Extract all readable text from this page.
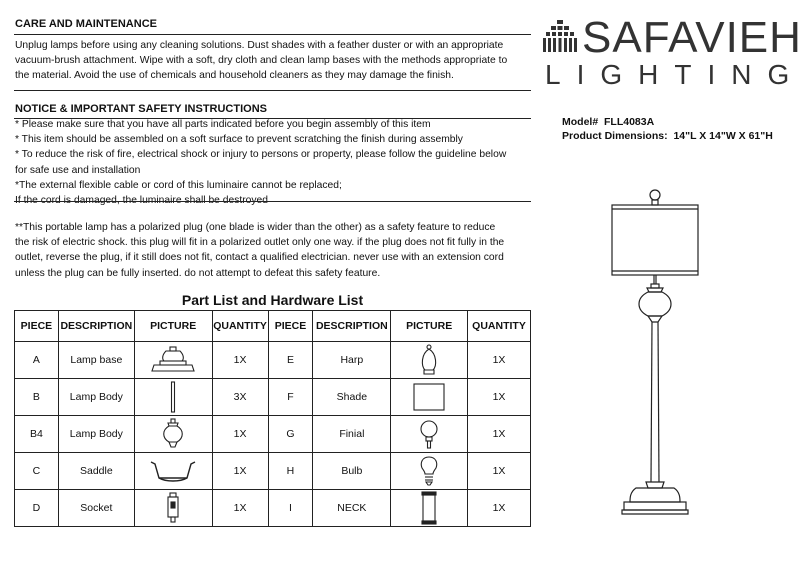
CARE AND MAINTENANCE
Unplug lamps before using any cleaning solutions. Dust shades with a feather duster or with an appropriate
vacuum-brush attachment. Wipe with a soft, dry cloth and clean lamp bases with the methods appropriate to
the material. Avoid the use of chemicals and household cleaners as they may damage the finish.
NOTICE & IMPORTANT SAFETY INSTRUCTIONS
* Please make sure that you have all parts indicated before you begin assembly of this item
* This item should be assembled on a soft surface to prevent scratching the finish during assembly
* To reduce the risk of fire, electrical shock or injury to persons or property, please follow the guideline below
for safe use and installation
*The external flexible cable or cord of this luminaire cannot be replaced;
If the cord is damaged, the luminaire shall be destroyed
**This portable lamp has a polarized plug (one blade is wider than the other) as a safety feature to reduce
the risk of electric shock. this plug will fit in a polarized outlet only one way. if the plug does not fit fully in the
outlet, reverse the plug, if it still does not fit, contact a qualified electrician. never use with an extension cord
unless the plug can be fully inserted. do not attempt to defeat this safety feature.
SAFAVIEH
LIGHTING
Model# FLL4083A
Product Dimensions: 14"L X 14"W X 61"H
Part List and Hardware List
PIECE	DESCRIPTION	PICTURE	QUANTITY	PIECE	DESCRIPTION	PICTURE	QUANTITY
A	Lamp base		1X	E	Harp		1X
B	Lamp Body		3X	F	Shade		1X
B4	Lamp Body		1X	G	Finial		1X
C	Saddle		1X	H	Bulb		1X
D	Socket		1X	I	NECK		1X
